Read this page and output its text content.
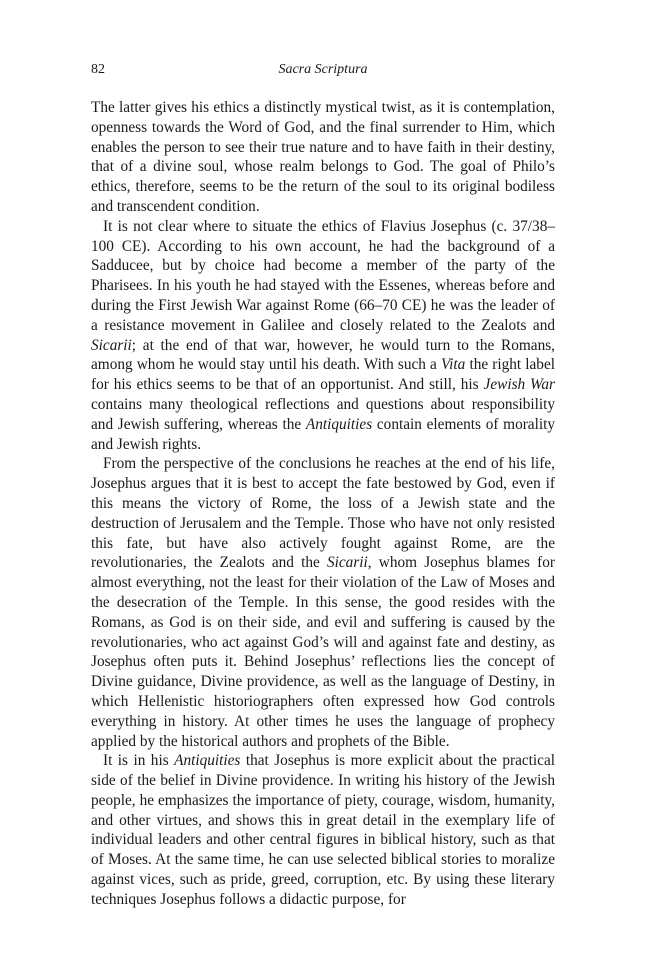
82	Sacra Scriptura

The latter gives his ethics a distinctly mystical twist, as it is contemplation, openness towards the Word of God, and the final surrender to Him, which enables the person to see their true nature and to have faith in their destiny, that of a divine soul, whose realm belongs to God. The goal of Philo’s ethics, therefore, seems to be the return of the soul to its original bodiless and transcendent condition.

It is not clear where to situate the ethics of Flavius Josephus (c. 37/38–100 CE). According to his own account, he had the background of a Sadducee, but by choice had become a member of the party of the Pharisees. In his youth he had stayed with the Essenes, whereas before and during the First Jewish War against Rome (66–70 CE) he was the leader of a resistance movement in Galilee and closely related to the Zealots and Sicarii; at the end of that war, however, he would turn to the Romans, among whom he would stay until his death. With such a Vita the right label for his ethics seems to be that of an opportunist. And still, his Jewish War contains many theological reflections and questions about responsibility and Jewish suffering, whereas the Antiquities contain elements of morality and Jewish rights.

From the perspective of the conclusions he reaches at the end of his life, Josephus argues that it is best to accept the fate bestowed by God, even if this means the victory of Rome, the loss of a Jewish state and the destruction of Jerusalem and the Temple. Those who have not only resisted this fate, but have also actively fought against Rome, are the revolutionaries, the Zealots and the Sicarii, whom Josephus blames for almost everything, not the least for their violation of the Law of Moses and the desecration of the Temple. In this sense, the good resides with the Romans, as God is on their side, and evil and suffering is caused by the revolutionaries, who act against God’s will and against fate and destiny, as Josephus often puts it. Behind Josephus’ reflections lies the concept of Divine guidance, Divine providence, as well as the language of Destiny, in which Hellenistic historiographers often expressed how God controls everything in history. At other times he uses the language of prophecy applied by the historical authors and prophets of the Bible.

It is in his Antiquities that Josephus is more explicit about the practical side of the belief in Divine providence. In writing his history of the Jewish people, he emphasizes the importance of piety, courage, wisdom, humanity, and other virtues, and shows this in great detail in the exemplary life of individual leaders and other central figures in biblical history, such as that of Moses. At the same time, he can use selected biblical stories to moralize against vices, such as pride, greed, corruption, etc. By using these literary techniques Josephus follows a didactic purpose, for
